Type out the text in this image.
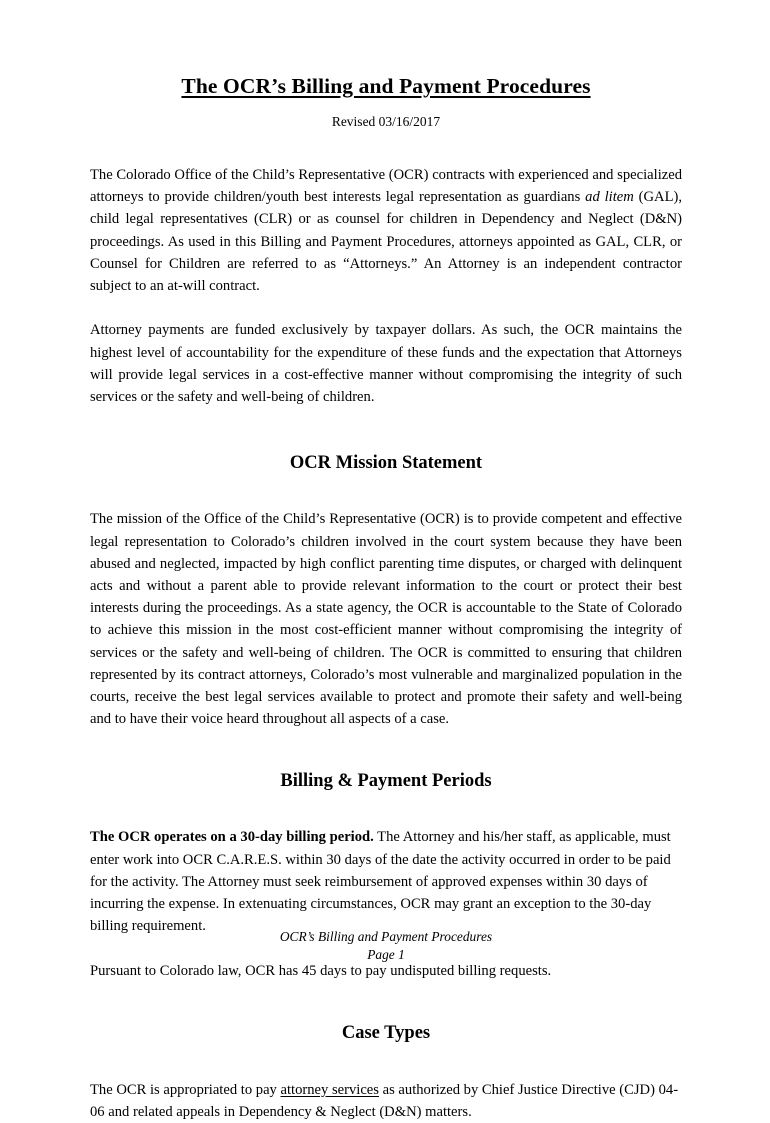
The OCR’s Billing and Payment Procedures

Revised 03/16/2017

The Colorado Office of the Child’s Representative (OCR) contracts with experienced and specialized attorneys to provide children/youth best interests legal representation as guardians ad litem (GAL), child legal representatives (CLR) or as counsel for children in Dependency and Neglect (D&N) proceedings. As used in this Billing and Payment Procedures, attorneys appointed as GAL, CLR, or Counsel for Children are referred to as “Attorneys.” An Attorney is an independent contractor subject to an at-will contract.

Attorney payments are funded exclusively by taxpayer dollars. As such, the OCR maintains the highest level of accountability for the expenditure of these funds and the expectation that Attorneys will provide legal services in a cost-effective manner without compromising the integrity of such services or the safety and well-being of children.

OCR Mission Statement

The mission of the Office of the Child’s Representative (OCR) is to provide competent and effective legal representation to Colorado’s children involved in the court system because they have been abused and neglected, impacted by high conflict parenting time disputes, or charged with delinquent acts and without a parent able to provide relevant information to the court or protect their best interests during the proceedings. As a state agency, the OCR is accountable to the State of Colorado to achieve this mission in the most cost-efficient manner without compromising the integrity of services or the safety and well-being of children. The OCR is committed to ensuring that children represented by its contract attorneys, Colorado’s most vulnerable and marginalized population in the courts, receive the best legal services available to protect and promote their safety and well-being and to have their voice heard throughout all aspects of a case.

Billing & Payment Periods

The OCR operates on a 30-day billing period. The Attorney and his/her staff, as applicable, must enter work into OCR C.A.R.E.S. within 30 days of the date the activity occurred in order to be paid for the activity. The Attorney must seek reimbursement of approved expenses within 30 days of incurring the expense. In extenuating circumstances, OCR may grant an exception to the 30-day billing requirement.

Pursuant to Colorado law, OCR has 45 days to pay undisputed billing requests.

Case Types

The OCR is appropriated to pay attorney services as authorized by Chief Justice Directive (CJD) 04-06 and related appeals in Dependency & Neglect (D&N) matters.

OCR’s Billing and Payment Procedures
Page 1
